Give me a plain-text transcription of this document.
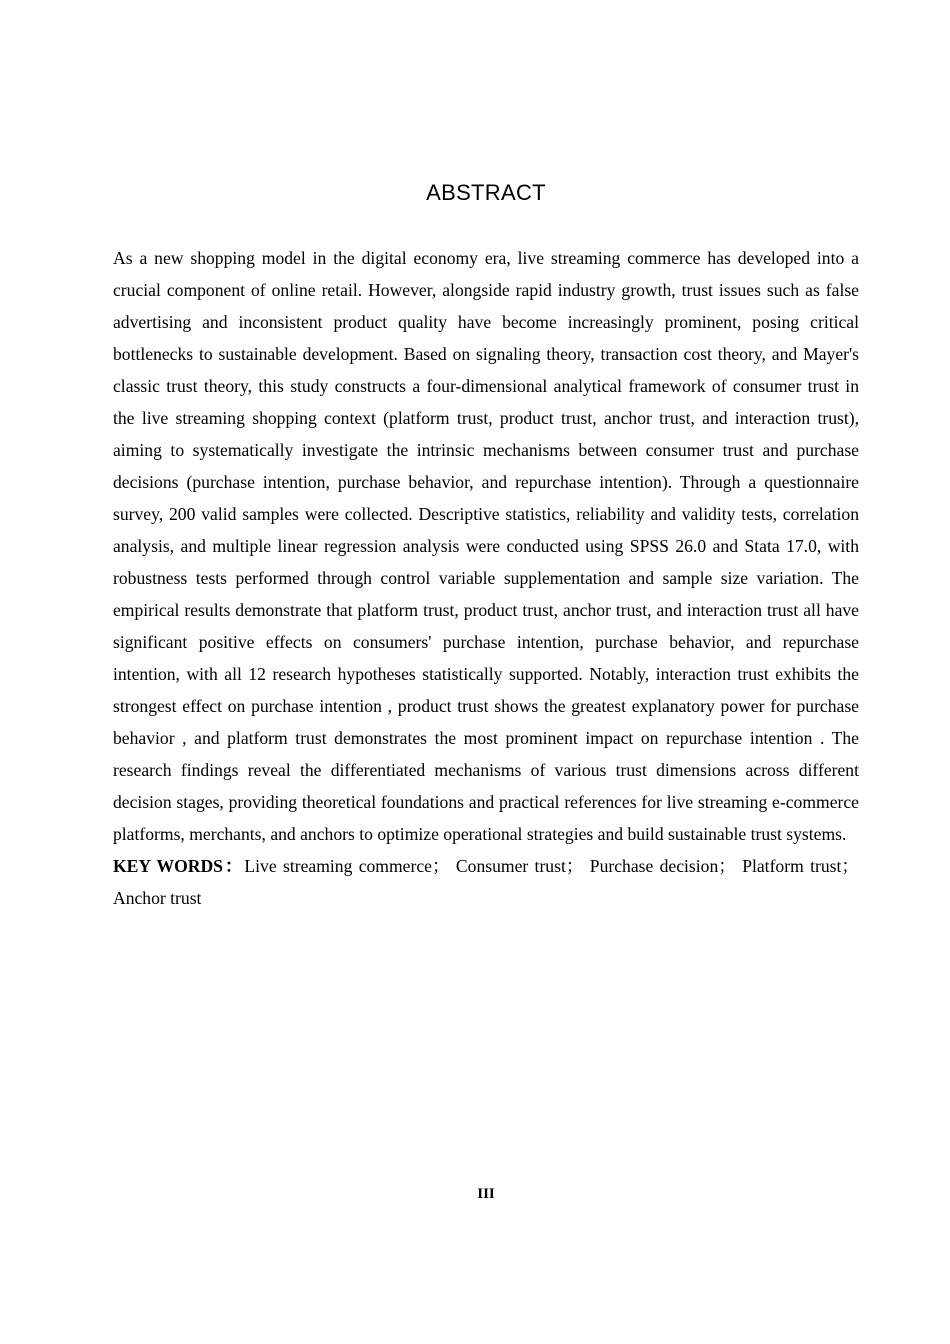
ABSTRACT

As a new shopping model in the digital economy era, live streaming commerce has developed into a crucial component of online retail. However, alongside rapid industry growth, trust issues such as false advertising and inconsistent product quality have become increasingly prominent, posing critical bottlenecks to sustainable development. Based on signaling theory, transaction cost theory, and Mayer's classic trust theory, this study constructs a four-dimensional analytical framework of consumer trust in the live streaming shopping context (platform trust, product trust, anchor trust, and interaction trust), aiming to systematically investigate the intrinsic mechanisms between consumer trust and purchase decisions (purchase intention, purchase behavior, and repurchase intention). Through a questionnaire survey, 200 valid samples were collected. Descriptive statistics, reliability and validity tests, correlation analysis, and multiple linear regression analysis were conducted using SPSS 26.0 and Stata 17.0, with robustness tests performed through control variable supplementation and sample size variation. The empirical results demonstrate that platform trust, product trust, anchor trust, and interaction trust all have significant positive effects on consumers' purchase intention, purchase behavior, and repurchase intention, with all 12 research hypotheses statistically supported. Notably, interaction trust exhibits the strongest effect on purchase intention , product trust shows the greatest explanatory power for purchase behavior , and platform trust demonstrates the most prominent impact on repurchase intention . The research findings reveal the differentiated mechanisms of various trust dimensions across different decision stages, providing theoretical foundations and practical references for live streaming e-commerce platforms, merchants, and anchors to optimize operational strategies and build sustainable trust systems.

KEY WORDS：Live streaming commerce； Consumer trust； Purchase decision； Platform trust； Anchor trust

III
